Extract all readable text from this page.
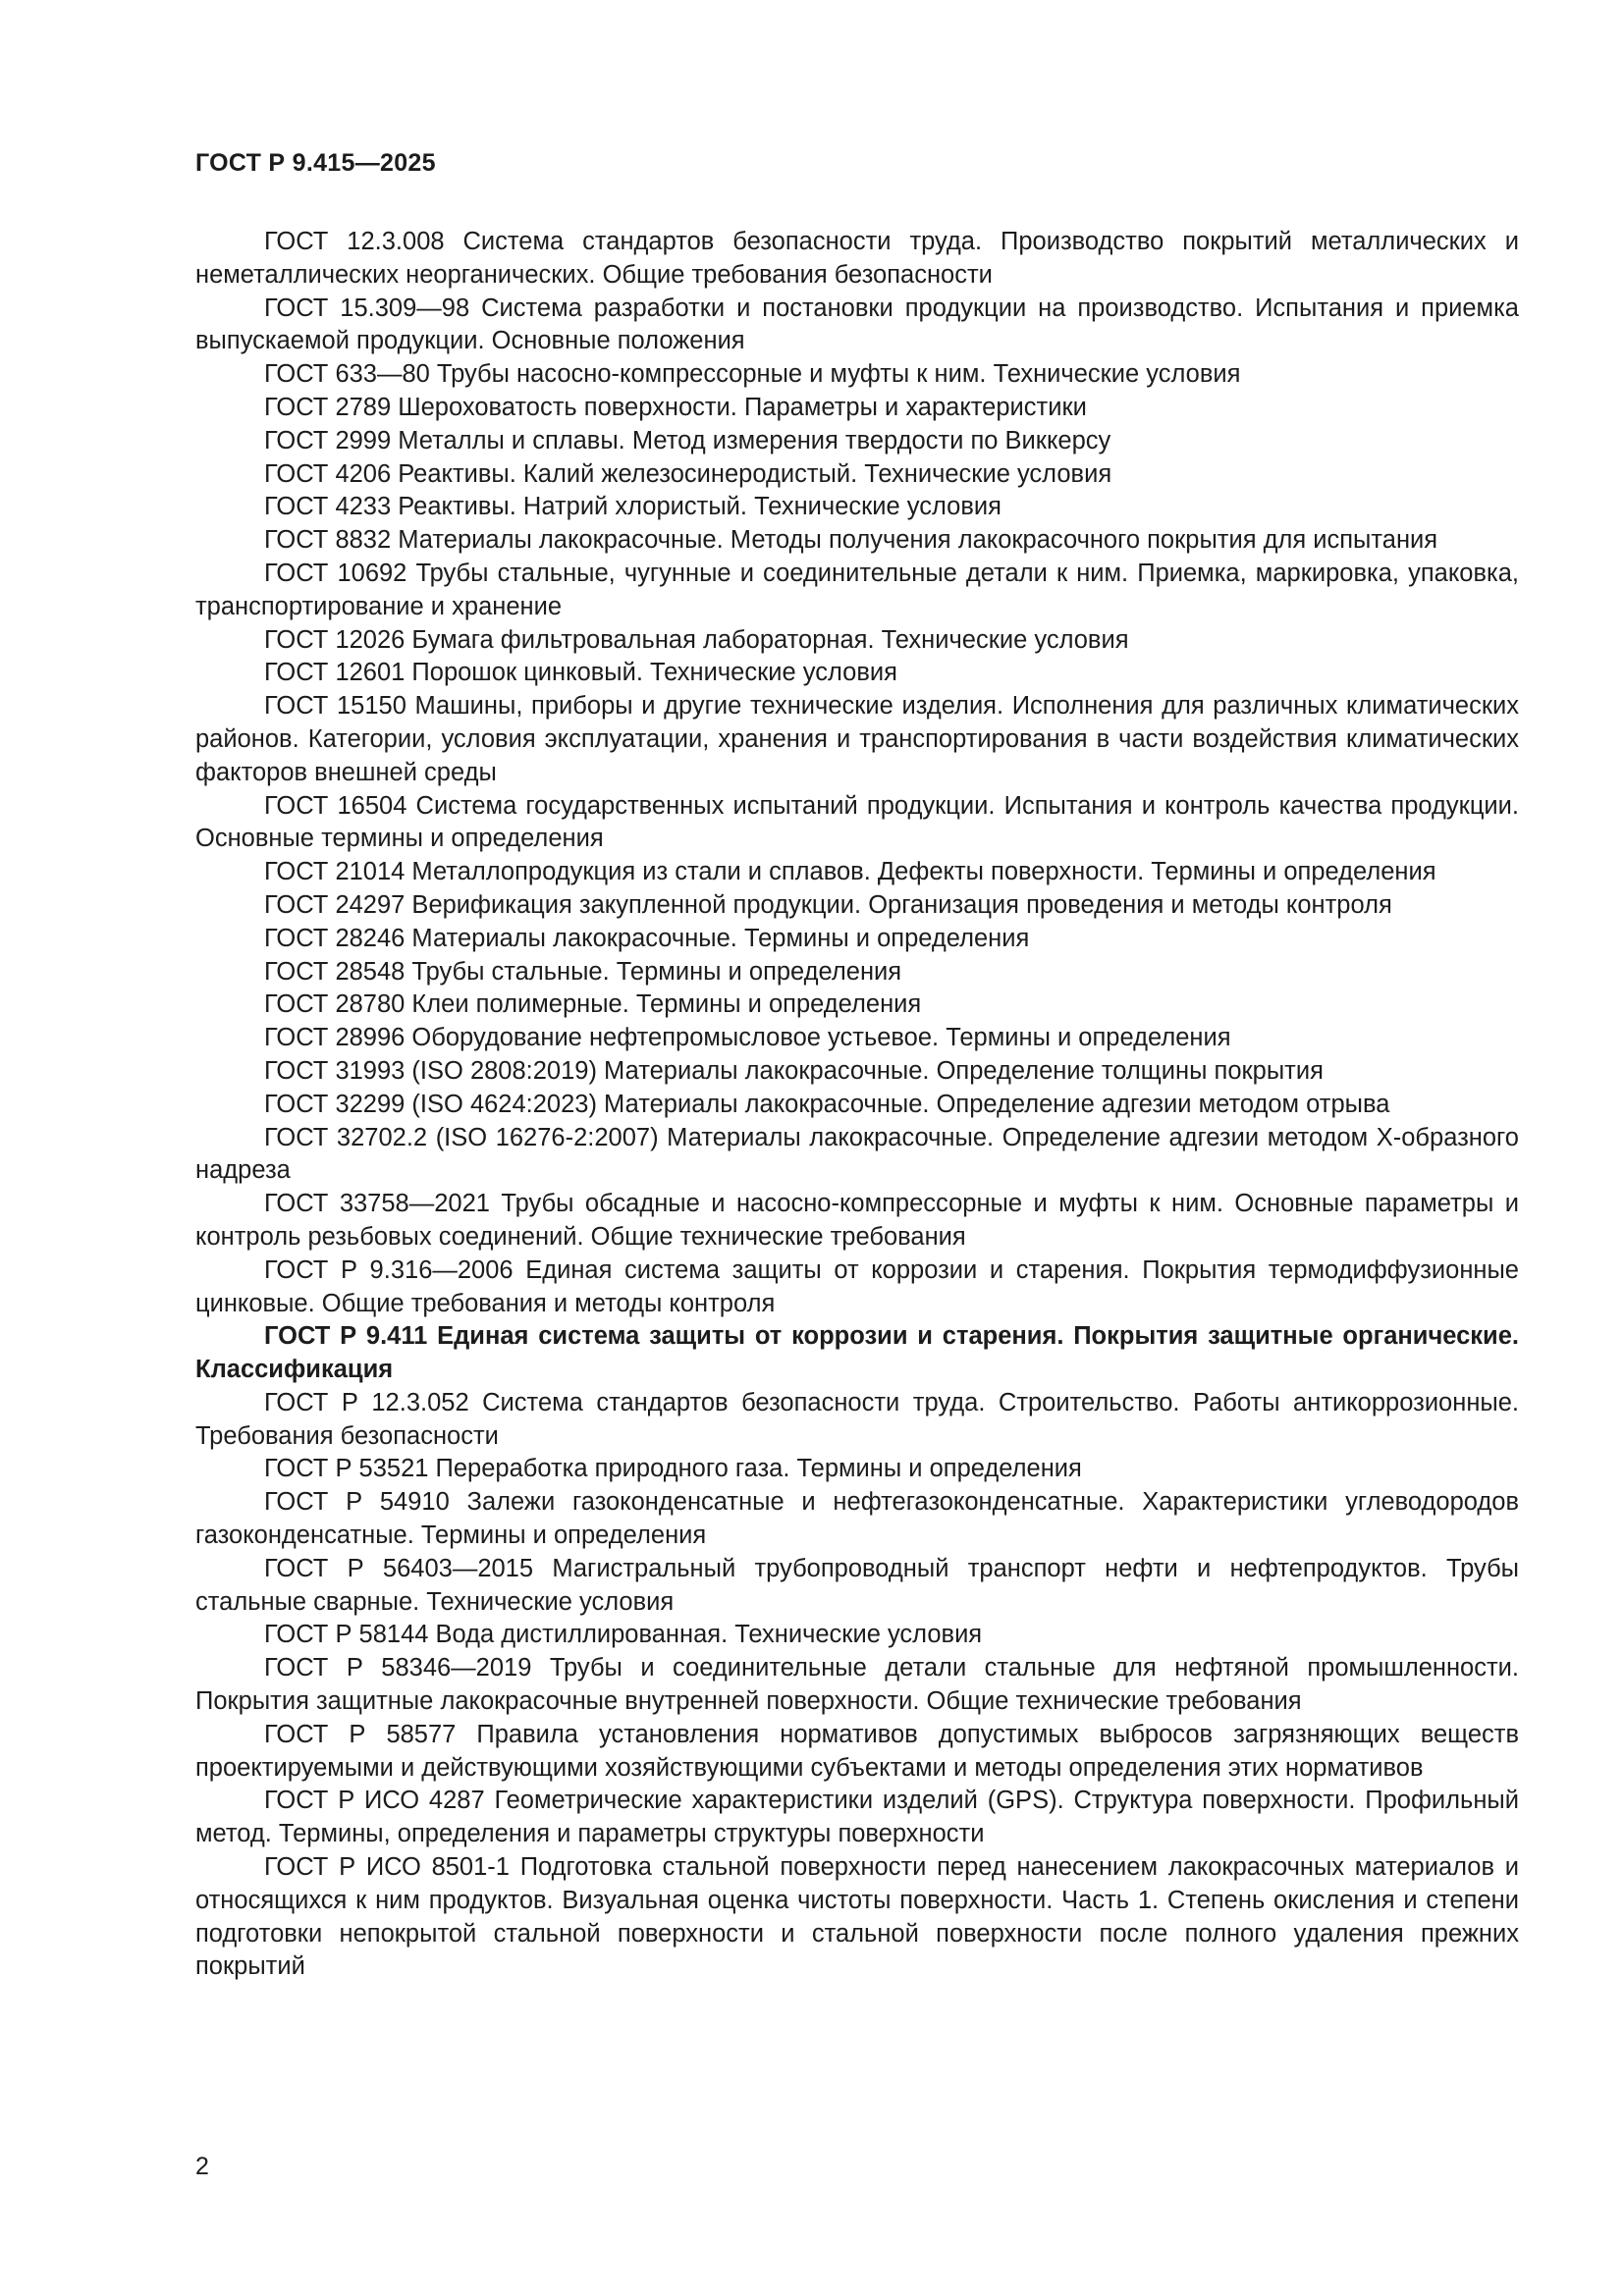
ГОСТ Р 9.415—2025
ГОСТ 12.3.008 Система стандартов безопасности труда. Производство покрытий металлических и неметаллических неорганических. Общие требования безопасности
ГОСТ 15.309—98 Система разработки и постановки продукции на производство. Испытания и приемка выпускаемой продукции. Основные положения
ГОСТ 633—80 Трубы насосно-компрессорные и муфты к ним. Технические условия
ГОСТ 2789 Шероховатость поверхности. Параметры и характеристики
ГОСТ 2999 Металлы и сплавы. Метод измерения твердости по Виккерсу
ГОСТ 4206 Реактивы. Калий железосинеродистый. Технические условия
ГОСТ 4233 Реактивы. Натрий хлористый. Технические условия
ГОСТ 8832 Материалы лакокрасочные. Методы получения лакокрасочного покрытия для испытания
ГОСТ 10692 Трубы стальные, чугунные и соединительные детали к ним. Приемка, маркировка, упаковка, транспортирование и хранение
ГОСТ 12026 Бумага фильтровальная лабораторная. Технические условия
ГОСТ 12601 Порошок цинковый. Технические условия
ГОСТ 15150 Машины, приборы и другие технические изделия. Исполнения для различных климатических районов. Категории, условия эксплуатации, хранения и транспортирования в части воздействия климатических факторов внешней среды
ГОСТ 16504 Система государственных испытаний продукции. Испытания и контроль качества продукции. Основные термины и определения
ГОСТ 21014 Металлопродукция из стали и сплавов. Дефекты поверхности. Термины и определения
ГОСТ 24297 Верификация закупленной продукции. Организация проведения и методы контроля
ГОСТ 28246 Материалы лакокрасочные. Термины и определения
ГОСТ 28548 Трубы стальные. Термины и определения
ГОСТ 28780 Клеи полимерные. Термины и определения
ГОСТ 28996 Оборудование нефтепромысловое устьевое. Термины и определения
ГОСТ 31993 (ISO 2808:2019) Материалы лакокрасочные. Определение толщины покрытия
ГОСТ 32299 (ISO 4624:2023) Материалы лакокрасочные. Определение адгезии методом отрыва
ГОСТ 32702.2 (ISO 16276-2:2007) Материалы лакокрасочные. Определение адгезии методом Х-образного надреза
ГОСТ 33758—2021 Трубы обсадные и насосно-компрессорные и муфты к ним. Основные параметры и контроль резьбовых соединений. Общие технические требования
ГОСТ Р 9.316—2006 Единая система защиты от коррозии и старения. Покрытия термодиффузионные цинковые. Общие требования и методы контроля
ГОСТ Р 9.411 Единая система защиты от коррозии и старения. Покрытия защитные органические. Классификация
ГОСТ Р 12.3.052 Система стандартов безопасности труда. Строительство. Работы антикоррозионные. Требования безопасности
ГОСТ Р 53521 Переработка природного газа. Термины и определения
ГОСТ Р 54910 Залежи газоконденсатные и нефтегазоконденсатные. Характеристики углеводородов газоконденсатные. Термины и определения
ГОСТ Р 56403—2015 Магистральный трубопроводный транспорт нефти и нефтепродуктов. Трубы стальные сварные. Технические условия
ГОСТ Р 58144 Вода дистиллированная. Технические условия
ГОСТ Р 58346—2019 Трубы и соединительные детали стальные для нефтяной промышленности. Покрытия защитные лакокрасочные внутренней поверхности. Общие технические требования
ГОСТ Р 58577 Правила установления нормативов допустимых выбросов загрязняющих веществ проектируемыми и действующими хозяйствующими субъектами и методы определения этих нормативов
ГОСТ Р ИСО 4287 Геометрические характеристики изделий (GPS). Структура поверхности. Профильный метод. Термины, определения и параметры структуры поверхности
ГОСТ Р ИСО 8501-1 Подготовка стальной поверхности перед нанесением лакокрасочных материалов и относящихся к ним продуктов. Визуальная оценка чистоты поверхности. Часть 1. Степень окисления и степени подготовки непокрытой стальной поверхности и стальной поверхности после полного удаления прежних покрытий
2
